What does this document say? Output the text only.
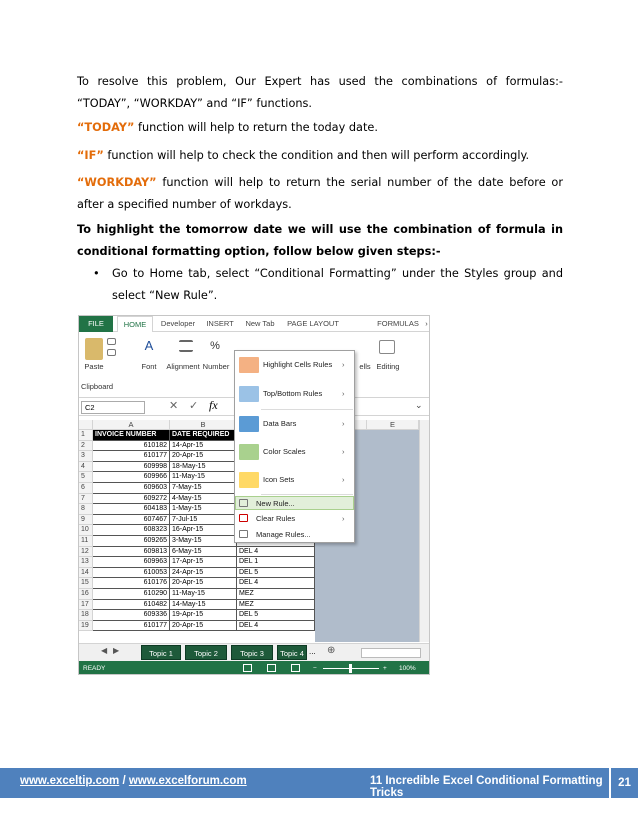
To resolve this problem, Our Expert has used the combinations of formulas:- “TODAY”, “WORKDAY” and “IF” functions.
“TODAY” function will help to return the today date.
“IF” function will help to check the condition and then will perform accordingly.
“WORKDAY” function will help to return the serial number of the date before or after a specified number of workdays.
To highlight the tomorrow date we will use the combination of formula in conditional formatting option, follow below given steps:-
• Go to Home tab, select “Conditional Formatting” under the Styles group and select “New Rule”.
FILE	HOME	Developer	INSERT	New Tab	PAGE LAYOUT	FORMULAS ›
Paste
A
Font	Alignment
%
Number	ells Editing
Clipboard
C2	✕ ✓ fx	⌄
A	B	E
1	INVOICE NUMBER	DATE REQUIRED
2	610182 14-Apr-15
3	610177 20-Apr-15
4	609998 18-May-15
5	609966 11-May-15
6	609603 7-May-15
7	609272 4-May-15
8	604183 1-May-15
9	607467 7-Jul-15
10	608323 16-Apr-15
11	609265 3-May-15
12	609813 6-May-15	DEL 4
13	609963 17-Apr-15	DEL 1
14	610053 24-Apr-15	DEL 5
15	610176 20-Apr-15	DEL 4
16	610290 11-May-15	MEZ
17	610482 14-May-15	MEZ
18	609336 19-Apr-15	DEL 5
19	610177 20-Apr-15	DEL 4
Highlight Cells Rules ›
Top/Bottom Rules	›
Data Bars	›
Color Scales	›
Icon Sets	›
New Rule...
Clear Rules	›
Manage Rules...
◀ ▶	Topic 1	Topic 2	Topic 3	Topic 4 ... ⊕
READY	−	+ 100%
www.exceltip.com / www.excelforum.com	11 Incredible Excel Conditional Formatting Tricks
21
